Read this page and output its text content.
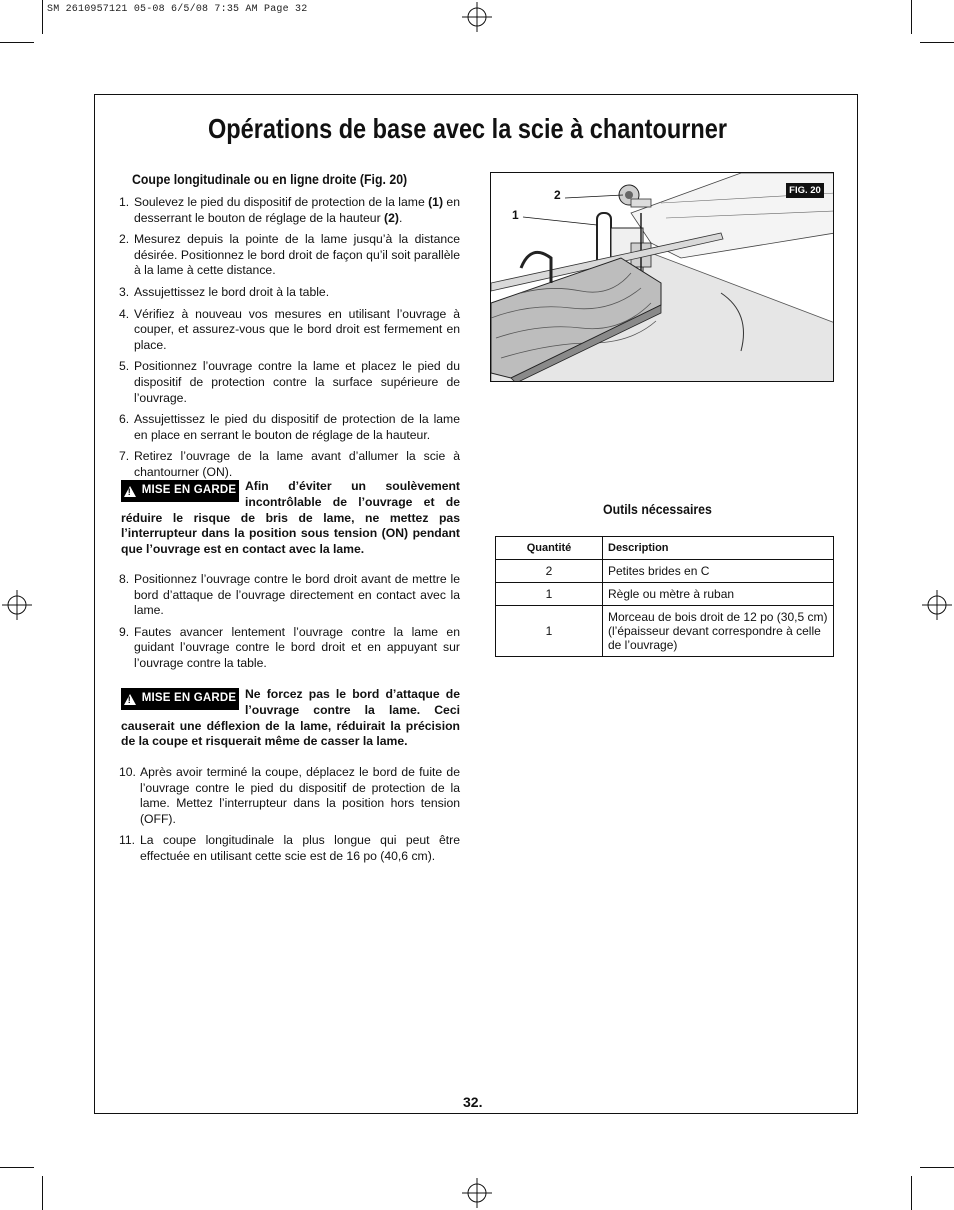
SM 2610957121 05-08 6/5/08 7:35 AM Page 32
Opérations de base avec la scie à chantourner
Coupe longitudinale ou en ligne droite (Fig. 20)
1. Soulevez le pied du dispositif de protection de la lame (1) en desserrant le bouton de réglage de la hauteur (2).
2. Mesurez depuis la pointe de la lame jusqu’à la distance désirée. Positionnez le bord droit de façon qu’il soit parallèle à la lame à cette distance.
3. Assujettissez le bord droit à la table.
4. Vérifiez à nouveau vos mesures en utilisant l’ouvrage à couper, et assurez-vous que le bord droit est fermement en place.
5. Positionnez l’ouvrage contre la lame et placez le pied du dispositif de protection contre la surface supérieure de l’ouvrage.
6. Assujettissez le pied du dispositif de protection de la lame en place en serrant le bouton de réglage de la hauteur.
7. Retirez l’ouvrage de la lame avant d’allumer la scie à chantourner (ON).
! MISE EN GARDE Afin d’éviter un soulèvement incontrôlable de l’ouvrage et de réduire le risque de bris de lame, ne mettez pas l’interrupteur dans la position sous tension (ON) pendant que l’ouvrage est en contact avec la lame.
8. Positionnez l’ouvrage contre le bord droit avant de mettre le bord d’attaque de l’ouvrage directement en contact avec la lame.
9. Fautes avancer lentement l’ouvrage contre la lame en guidant l’ouvrage contre le bord droit et en appuyant sur l’ouvrage contre la table.
! MISE EN GARDE Ne forcez pas le bord d’attaque de l’ouvrage contre la lame. Ceci causerait une déflexion de la lame, réduirait la précision de la coupe et risquerait même de casser la lame.
10. Après avoir terminé la coupe, déplacez le bord de fuite de l’ouvrage contre le pied du dispositif de protection de la lame. Mettez l’interrupteur dans la position hors tension (OFF).
11. La coupe longitudinale la plus longue qui peut être effectuée en utilisant cette scie est de 16 po (40,6 cm).
FIG. 20
2
1
Outils nécessaires
Quantité	Description
2	Petites brides en C
1	Règle ou mètre à ruban
1	Morceau de bois droit de 12 po (30,5 cm) (l’épaisseur devant correspondre à celle de l’ouvrage)
32.
